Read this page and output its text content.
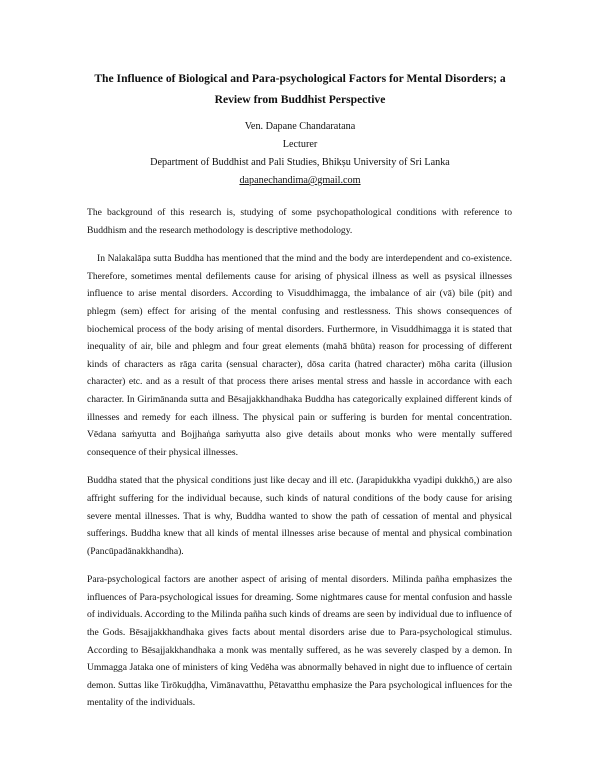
The Influence of Biological and Para-psychological Factors for Mental Disorders; a
Review from Buddhist Perspective
Ven. Dapane Chandaratana
Lecturer
Department of Buddhist and Pali Studies, Bhikṣu University of Sri Lanka
dapanechandima@gmail.com

The background of this research is, studying of some psychopathological conditions with reference to Buddhism and the research methodology is descriptive methodology.

In Nalakalāpa sutta Buddha has mentioned that the mind and the body are interdependent and co-existence. Therefore, sometimes mental defilements cause for arising of physical illness as well as psysical illnesses influence to arise mental disorders. According to Visuddhimagga, the imbalance of air (vā) bile (pit) and phlegm (sem) effect for arising of the mental confusing and restlessness. This shows consequences of biochemical process of the body arising of mental disorders. Furthermore, in Visuddhimagga it is stated that inequality of air, bile and phlegm and four great elements (mahā bhūta) reason for processing of different kinds of characters as rāga carita (sensual character), dōsa carita (hatred character) mōha carita (illusion character) etc. and as a result of that process there arises mental stress and hassle in accordance with each character. In Girimānanda sutta and Bēsajjakkhandhaka Buddha has categorically explained different kinds of illnesses and remedy for each illness. The physical pain or suffering is burden for mental concentration. Vēdana saṁyutta and Bojjhaṅga saṁyutta also give details about monks who were mentally suffered consequence of their physical illnesses.

Buddha stated that the physical conditions just like decay and ill etc. (Jarapidukkha vyadipi dukkhō,) are also affright suffering for the individual because, such kinds of natural conditions of the body cause for arising severe mental illnesses. That is why, Buddha wanted to show the path of cessation of mental and physical sufferings. Buddha knew that all kinds of mental illnesses arise because of mental and physical combination (Pancūpadānakkhandha).

Para-psychological factors are another aspect of arising of mental disorders. Milinda pañha emphasizes the influences of Para-psychological issues for dreaming. Some nightmares cause for mental confusion and hassle of individuals. According to the Milinda pañha such kinds of dreams are seen by individual due to influence of the Gods. Bēsajjakkhandhaka gives facts about mental disorders arise due to Para-psychological stimulus. According to Bēsajjakkhandhaka a monk was mentally suffered, as he was severely clasped by a demon. In Ummagga Jataka one of ministers of king Vedēha was abnormally behaved in night due to influence of certain demon. Suttas like Tirōkuḍḍha, Vimānavatthu, Pētavatthu emphasize the Para psychological influences for the mentality of the individuals.
